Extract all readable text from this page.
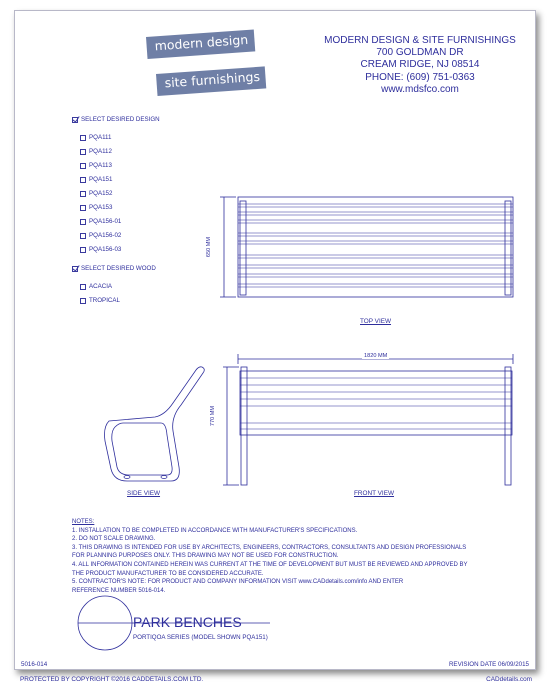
modern design
site furnishings
MODERN DESIGN & SITE FURNISHINGS
700 GOLDMAN DR
CREAM RIDGE, NJ 08514
PHONE: (609) 751-0363
www.mdsfco.com
SELECT DESIRED DESIGN
PQA111
PQA112
PQA113
PQA151
PQA152
PQA153
PQA156-01
PQA156-02
PQA156-03
SELECT DESIRED WOOD
ACACIA
TROPICAL
650 MM
TOP VIEW
1820 MM
770 MM
FRONT VIEW
SIDE VIEW
NOTES:
1. INSTALLATION TO BE COMPLETED IN ACCORDANCE WITH MANUFACTURER'S SPECIFICATIONS.
2. DO NOT SCALE DRAWING.
3. THIS DRAWING IS INTENDED FOR USE BY ARCHITECTS, ENGINEERS, CONTRACTORS, CONSULTANTS AND DESIGN PROFESSIONALS
FOR PLANNING PURPOSES ONLY. THIS DRAWING MAY NOT BE USED FOR CONSTRUCTION.
4. ALL INFORMATION CONTAINED HEREIN WAS CURRENT AT THE TIME OF DEVELOPMENT BUT MUST BE REVIEWED AND APPROVED BY
THE PRODUCT MANUFACTURER TO BE CONSIDERED ACCURATE.
5. CONTRACTOR'S NOTE: FOR PRODUCT AND COMPANY INFORMATION VISIT www.CADdetails.com/info AND ENTER
REFERENCE NUMBER 5016-014.
PARK BENCHES
PORTIQOA SERIES (MODEL SHOWN PQA151)
5016-014	REVISION DATE 06/09/2015
PROTECTED BY COPYRIGHT ©2016 CADDETAILS.COM LTD.	CADdetails.com
